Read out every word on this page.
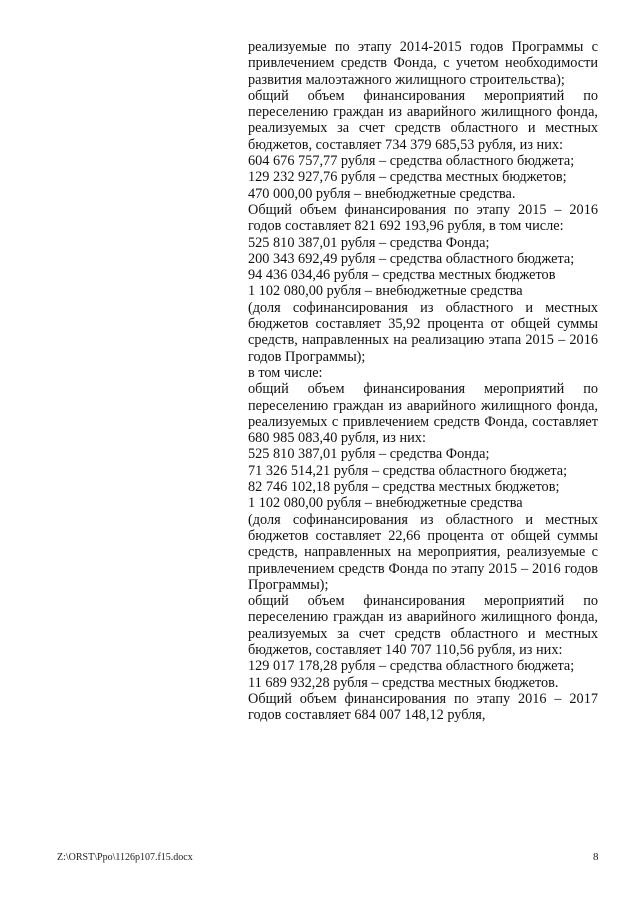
реализуемые по этапу 2014-2015 годов Программы с привлечением средств Фонда, с учетом необходимости развития малоэтажного жилищного строительства);

общий объем финансирования мероприятий по переселению граждан из аварийного жилищного фонда, реализуемых за счет средств областного и местных бюджетов, составляет 734 379 685,53 рубля, из них:

604 676 757,77 рубля – средства областного бюджета;

129 232 927,76 рубля – средства местных бюджетов;

470 000,00 рубля – внебюджетные средства.

Общий объем финансирования по этапу 2015 – 2016 годов составляет 821 692 193,96 рубля, в том числе:

525 810 387,01 рубля – средства Фонда;

200 343 692,49 рубля – средства областного бюджета;

94 436 034,46 рубля – средства местных бюджетов

1 102 080,00 рубля – внебюджетные средства

(доля софинансирования из областного и местных бюджетов составляет 35,92 процента от общей суммы средств, направленных на реализацию этапа 2015 – 2016 годов Программы);

в том числе:

общий объем финансирования мероприятий по переселению граждан из аварийного жилищного фонда, реализуемых с привлечением средств Фонда, составляет 680 985 083,40 рубля, из них:

525 810 387,01 рубля – средства Фонда;

71 326 514,21 рубля – средства областного бюджета;

82 746 102,18 рубля – средства местных бюджетов;

1 102 080,00 рубля – внебюджетные средства

(доля софинансирования из областного и местных бюджетов составляет 22,66 процента от общей суммы средств, направленных на мероприятия, реализуемые с привлечением средств Фонда по этапу 2015 – 2016 годов Программы);

общий объем финансирования мероприятий по переселению граждан из аварийного жилищного фонда, реализуемых за счет средств областного и местных бюджетов, составляет 140 707 110,56 рубля, из них:

129 017 178,28 рубля – средства областного бюджета;

11 689 932,28 рубля – средства местных бюджетов.

Общий объем финансирования по этапу 2016 – 2017 годов составляет 684 007 148,12 рубля,

Z:\ORST\Ppo\1126p107.f15.docx	8
